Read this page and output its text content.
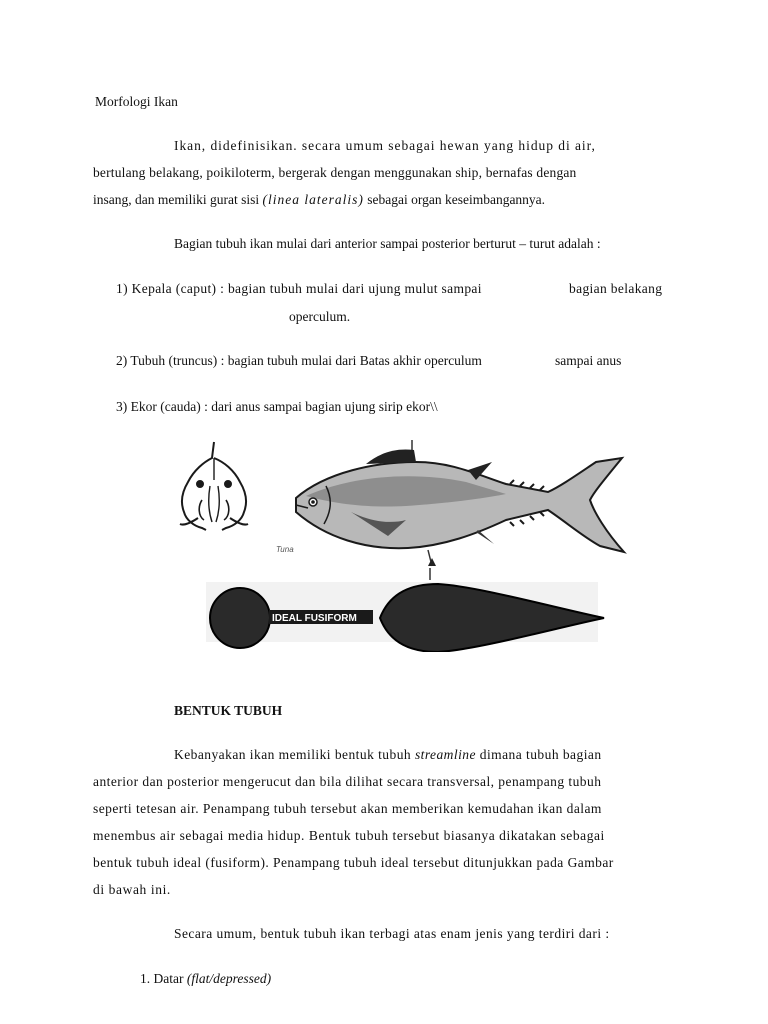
Morfologi Ikan
Ikan, didefinisikan. secara umum sebagai hewan yang hidup di air,
bertulang belakang, poikiloterm, bergerak dengan menggunakan ship, bernafas dengan
insang, dan memiliki gurat sisi (linea lateralis) sebagai organ keseimbangannya.
Bagian tubuh ikan mulai dari anterior sampai posterior berturut – turut adalah :
1) Kepala (caput) : bagian tubuh mulai dari ujung mulut sampai	bagian belakang
operculum.
2) Tubuh (truncus) : bagian tubuh mulai dari Batas akhir operculum	sampai anus
3) Ekor (cauda) : dari anus sampai bagian ujung sirip ekor\\
Tuna
IDEAL FUSIFORM
BENTUK TUBUH
Kebanyakan ikan memiliki bentuk tubuh streamline dimana tubuh bagian
anterior dan posterior mengerucut dan bila dilihat secara transversal, penampang tubuh
seperti tetesan air. Penampang tubuh tersebut akan memberikan kemudahan ikan dalam
menembus air sebagai media hidup. Bentuk tubuh tersebut biasanya dikatakan sebagai
bentuk tubuh ideal (fusiform). Penampang tubuh ideal tersebut ditunjukkan pada Gambar
di bawah ini.
Secara umum, bentuk tubuh ikan terbagi atas enam jenis yang terdiri dari :
1. Datar (flat/depressed)
